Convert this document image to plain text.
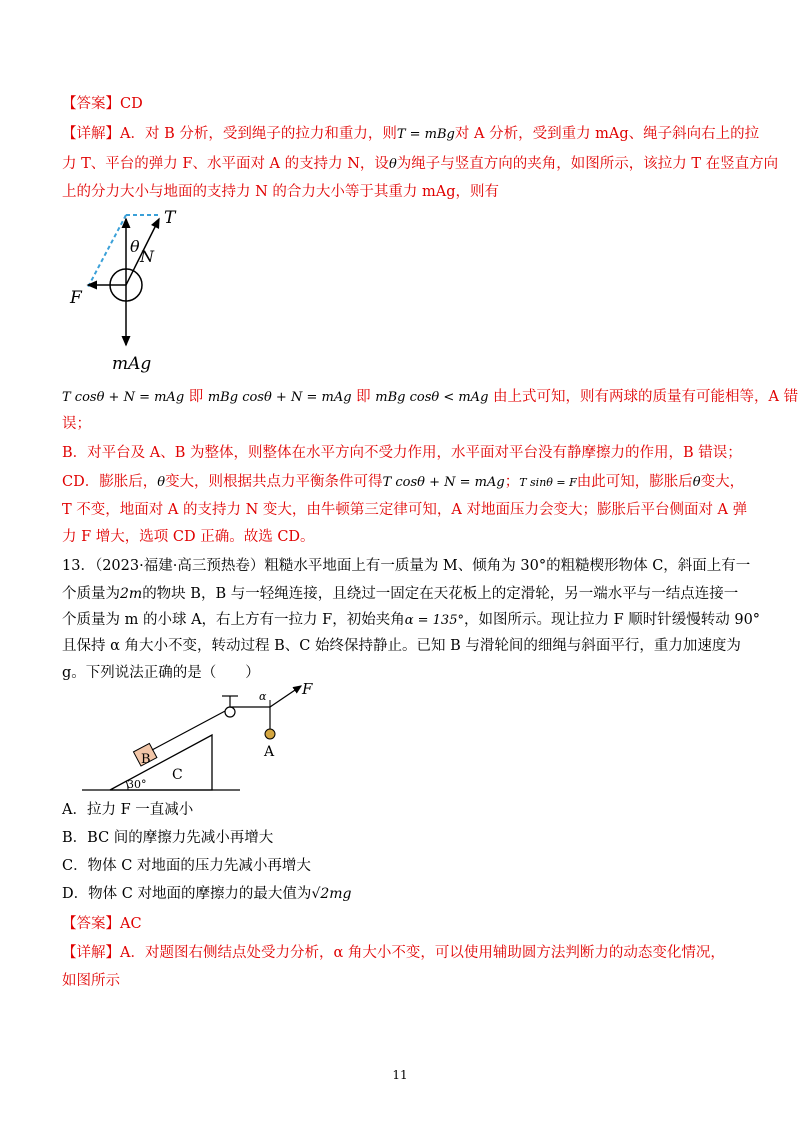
【答案】CD
【详解】A．对 B 分析，受到绳子的拉力和重力，则T = mBg对 A 分析，受到重力 mAg、绳子斜向右上的拉
力 T、平台的弹力 F、水平面对 A 的支持力 N，设θ为绳子与竖直方向的夹角，如图所示，该拉力 T 在竖直方向
上的分力大小与地面的支持力 N 的合力大小等于其重力 mAg，则有
T
θ
N
F
mAg
T cosθ + N = mAg 即 mBg cosθ + N = mAg 即 mBg cosθ < mAg 由上式可知，则有两球的质量有可能相等，A 错
误；
B．对平台及 A、B 为整体，则整体在水平方向不受力作用，水平面对平台没有静摩擦力的作用，B 错误；
CD．膨胀后，θ变大，则根据共点力平衡条件可得T cosθ + N = mAg；T sinθ = F由此可知，膨胀后θ变大，
T 不变，地面对 A 的支持力 N 变大，由牛顿第三定律可知，A 对地面压力会变大；膨胀后平台侧面对 A 弹
力 F 增大，选项 CD 正确。故选 CD。
13．（2023·福建·高三预热卷）粗糙水平地面上有一质量为 M、倾角为 30°的粗糙楔形物体 C，斜面上有一
个质量为2m的物块 B，B 与一轻绳连接，且绕过一固定在天花板上的定滑轮，另一端水平与一结点连接一
个质量为 m 的小球 A，右上方有一拉力 F，初始夹角α = 135°，如图所示。现让拉力 F 顺时针缓慢转动 90°
且保持 α 角大小不变，转动过程 B、C 始终保持静止。已知 B 与滑轮间的细绳与斜面平行，重力加速度为
g。下列说法正确的是（　　）
α F
A
B
C
30°
A．拉力 F 一直减小
B．BC 间的摩擦力先减小再增大
C．物体 C 对地面的压力先减小再增大
D．物体 C 对地面的摩擦力的最大值为√2mg
【答案】AC
【详解】A．对题图右侧结点处受力分析，α 角大小不变，可以使用辅助圆方法判断力的动态变化情况，
如图所示
11
